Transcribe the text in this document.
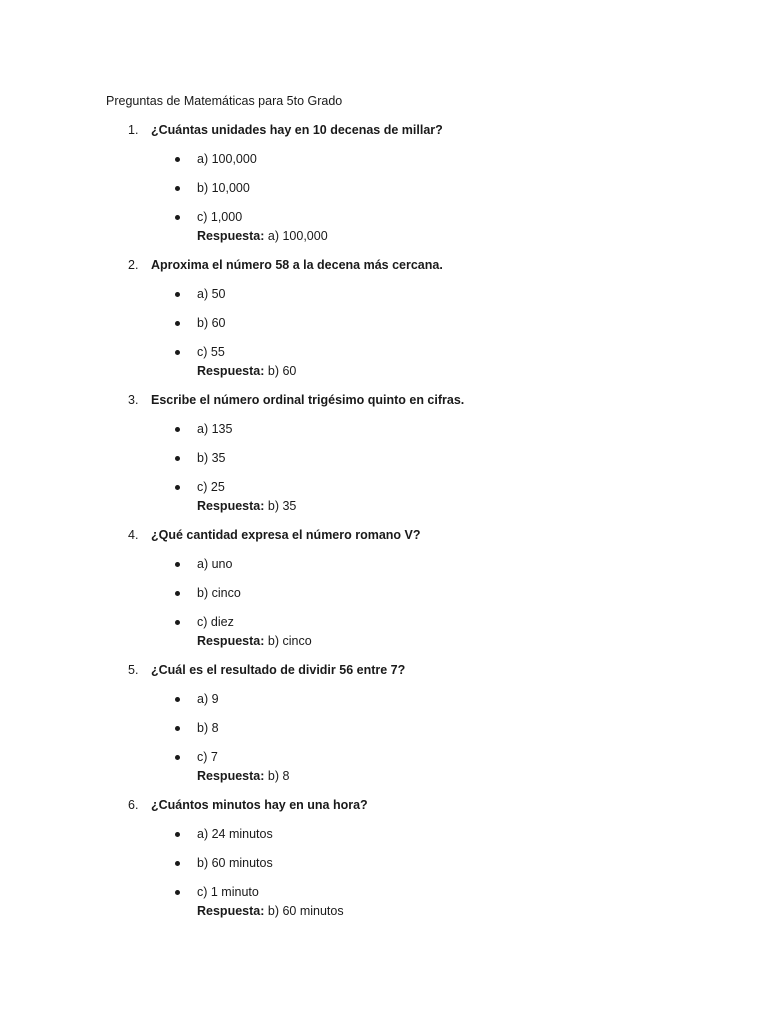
Preguntas de Matemáticas para 5to Grado
1.	¿Cuántas unidades hay en 10 decenas de millar?
a) 100,000
b) 10,000
c) 1,000
Respuesta: a) 100,000
2.	Aproxima el número 58 a la decena más cercana.
a) 50
b) 60
c) 55
Respuesta: b) 60
3.	Escribe el número ordinal trigésimo quinto en cifras.
a) 135
b) 35
c) 25
Respuesta: b) 35
4.	¿Qué cantidad expresa el número romano V?
a) uno
b) cinco
c) diez
Respuesta: b) cinco
5.	¿Cuál es el resultado de dividir 56 entre 7?
a) 9
b) 8
c) 7
Respuesta: b) 8
6.	¿Cuántos minutos hay en una hora?
a) 24 minutos
b) 60 minutos
c) 1 minuto
Respuesta: b) 60 minutos
